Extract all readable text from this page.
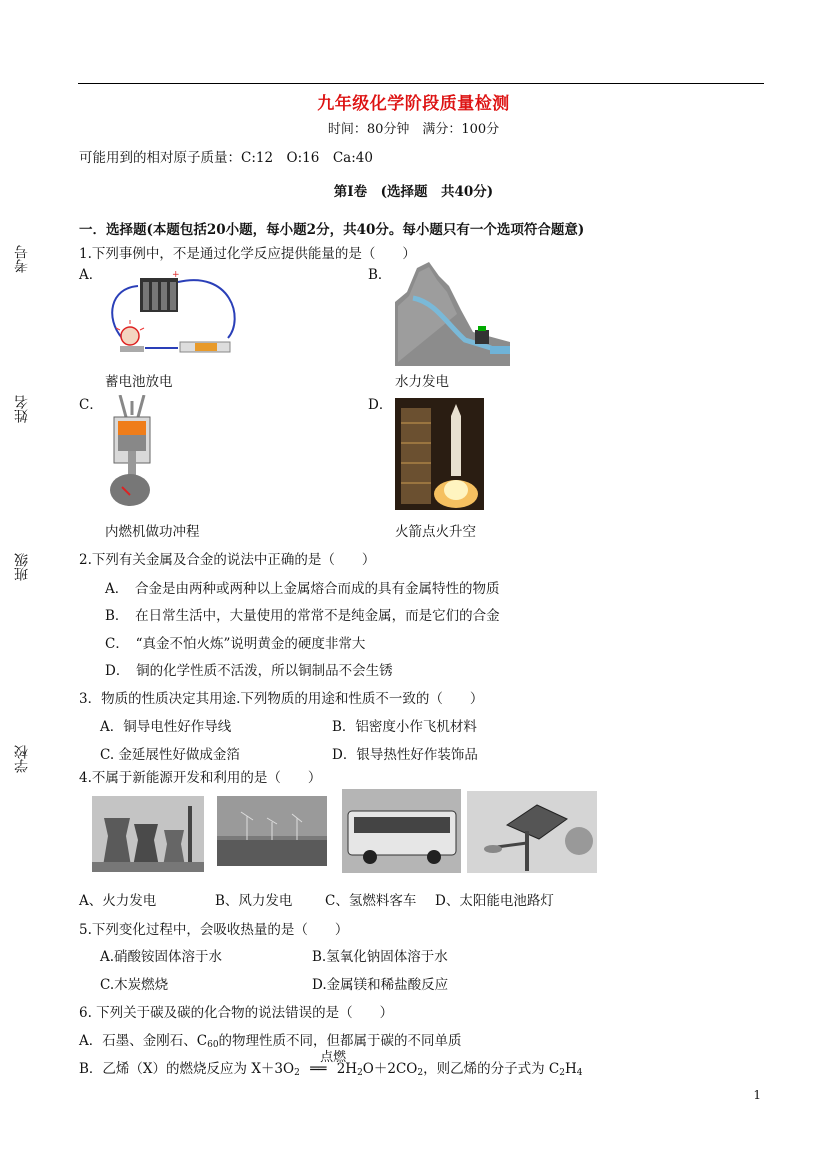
九年级化学阶段质量检测
时间：80分钟　满分：100分
可能用到的相对原子质量：C:12　O:16　Ca:40
第Ⅰ卷　(选择题　共40分)
一．选择题(本题包括20小题，每小题2分，共40分。每小题只有一个选项符合题意)
考号
姓名
班级
学校
1.下列事例中，不是通过化学反应提供能量的是（　　）
A．	B．
+
蓄电池放电	水力发电
C．	D．
内燃机做功冲程	火箭点火升空
2.下列有关金属及合金的说法中正确的是（　　）
A．　合金是由两种或两种以上金属熔合而成的具有金属特性的物质
B．　在日常生活中，大量使用的常常不是纯金属，而是它们的合金
C．　“真金不怕火炼”说明黄金的硬度非常大
D．　铜的化学性质不活泼，所以铜制品不会生锈
3．物质的性质决定其用途.下列物质的用途和性质不一致的（　　）
A．铜导电性好作导线	B．铝密度小作飞机材料
C. 金延展性好做成金箔	D．银导热性好作装饰品
4.不属于新能源开发和利用的是（　　）
A、火力发电	B、风力发电 C、氢燃料客车 D、太阳能电池路灯
5.下列变化过程中，会吸收热量的是（　　）
A.硝酸铵固体溶于水	B.氢氧化钠固体溶于水
C.木炭燃烧	D.金属镁和稀盐酸反应
6. 下列关于碳及碳的化合物的说法错误的是（　　）
A．石墨、金刚石、C60的物理性质不同，但都属于碳的不同单质
B．乙烯（X）的燃烧反应为 X＋3O2
点燃
══ 2H2O＋2CO2，则乙烯的分子式为 C2H4
1
